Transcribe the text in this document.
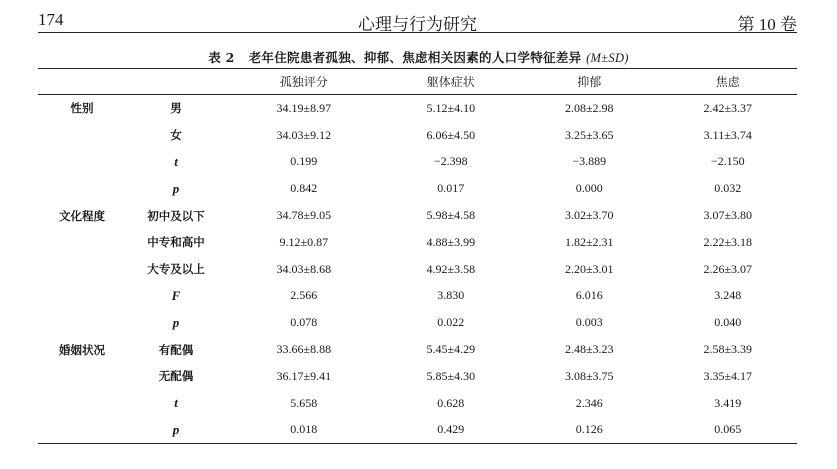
174	心理与行为研究	第 10 卷
表 2 老年住院患者孤独、抑郁、焦虑相关因素的人口学特征差异 (M±SD)
		孤独评分	躯体症状	抑郁	焦虑
性别	男	34.19±8.97	5.12±4.10	2.08±2.98	2.42±3.37
	女	34.03±9.12	6.06±4.50	3.25±3.65	3.11±3.74
	t	0.199	−2.398	−3.889	−2.150
	p	0.842	0.017	0.000	0.032
文化程度	初中及以下	34.78±9.05	5.98±4.58	3.02±3.70	3.07±3.80
	中专和高中	9.12±0.87	4.88±3.99	1.82±2.31	2.22±3.18
	大专及以上	34.03±8.68	4.92±3.58	2.20±3.01	2.26±3.07
	F	2.566	3.830	6.016	3.248
	p	0.078	0.022	0.003	0.040
婚姻状况	有配偶	33.66±8.88	5.45±4.29	2.48±3.23	2.58±3.39
	无配偶	36.17±9.41	5.85±4.30	3.08±3.75	3.35±4.17
	t	5.658	0.628	2.346	3.419
	p	0.018	0.429	0.126	0.065
